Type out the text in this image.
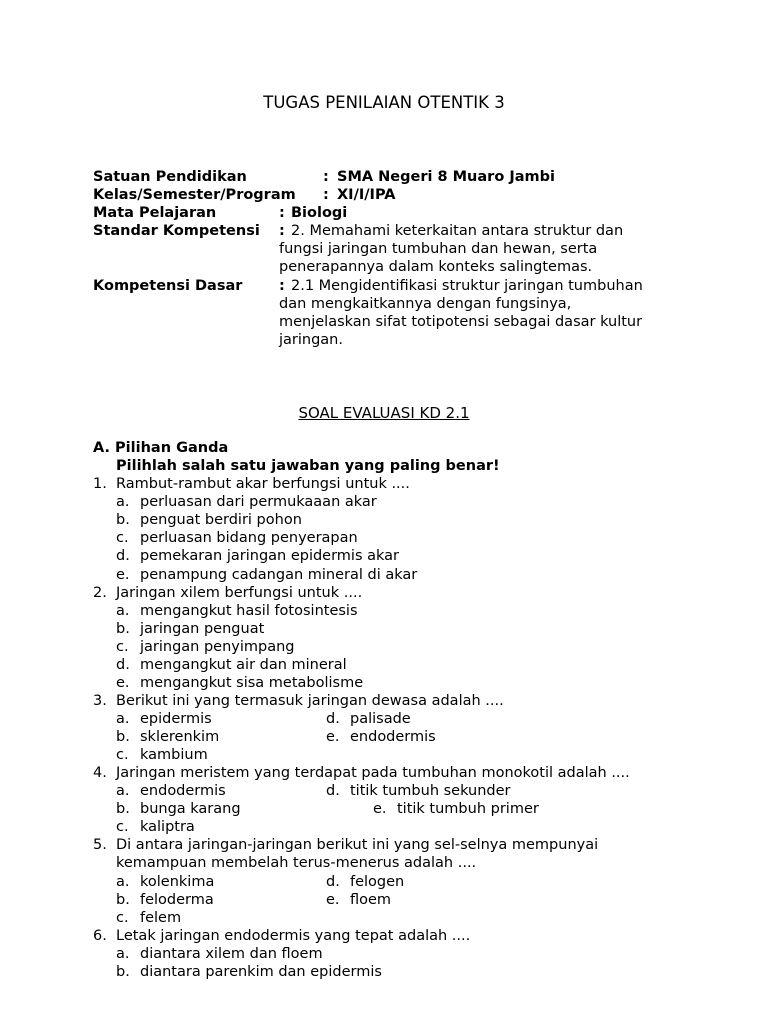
TUGAS PENILAIAN OTENTIK 3
Satuan Pendidikan	: SMA Negeri 8 Muaro Jambi
Kelas/Semester/Program : XI/I/IPA
Mata Pelajaran	: Biologi
Standar Kompetensi : 2. Memahami keterkaitan antara struktur dan
fungsi jaringan tumbuhan dan hewan, serta
penerapannya dalam konteks salingtemas.
Kompetensi Dasar	: 2.1 Mengidentifikasi struktur jaringan tumbuhan
dan mengkaitkannya dengan fungsinya,
menjelaskan sifat totipotensi sebagai dasar kultur
jaringan.
SOAL EVALUASI KD 2.1
A. Pilihan Ganda
Pilihlah salah satu jawaban yang paling benar!
1. Rambut-rambut akar berfungsi untuk ....
a. perluasan dari permukaaan akar
b. penguat berdiri pohon
c. perluasan bidang penyerapan
d. pemekaran jaringan epidermis akar
e. penampung cadangan mineral di akar
2. Jaringan xilem berfungsi untuk ....
a. mengangkut hasil fotosintesis
b. jaringan penguat
c. jaringan penyimpang
d. mengangkut air dan mineral
e. mengangkut sisa metabolisme
3. Berikut ini yang termasuk jaringan dewasa adalah ....
a. epidermis	d. palisade
b. sklerenkim	e. endodermis
c. kambium
4. Jaringan meristem yang terdapat pada tumbuhan monokotil adalah ....
a. endodermis	d. titik tumbuh sekunder
b. bunga karang	e. titik tumbuh primer
c. kaliptra
5. Di antara jaringan-jaringan berikut ini yang sel-selnya mempunyai
kemampuan membelah terus-menerus adalah ....
a. kolenkima	d. felogen
b. feloderma	e. floem
c. felem
6. Letak jaringan endodermis yang tepat adalah ....
a. diantara xilem dan floem
b. diantara parenkim dan epidermis
